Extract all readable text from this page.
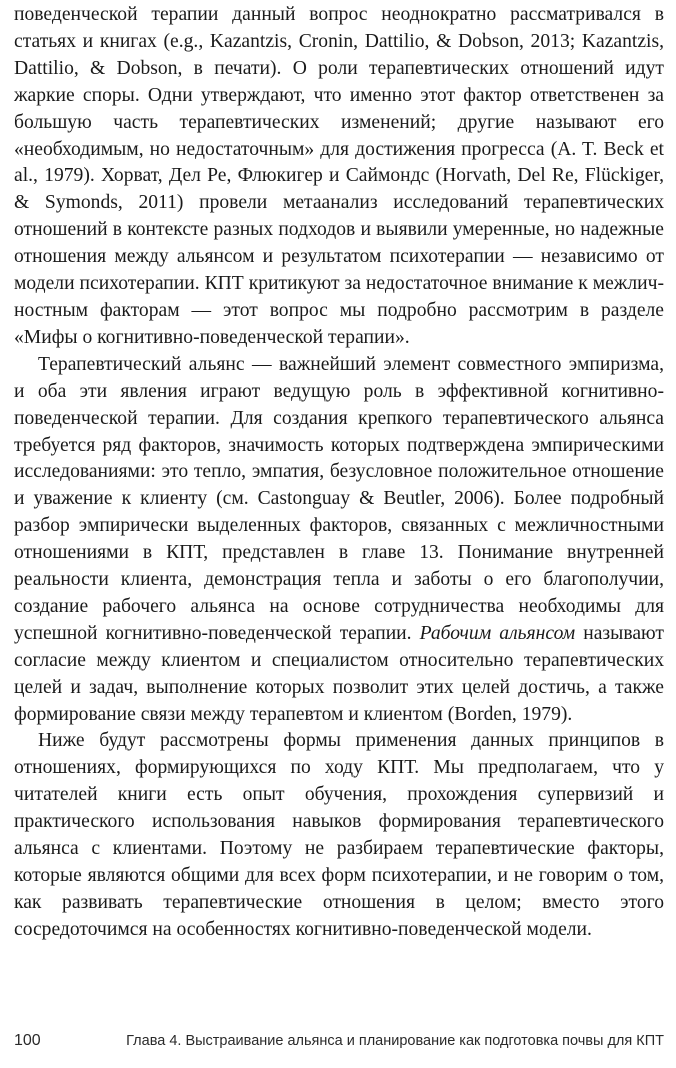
поведенческой терапии данный вопрос неоднократно рассматривался в статьях и книгах (e.g., Kazantzis, Cronin, Dattilio, & Dobson, 2013; Kazantzis, Dattilio, & Dobson, в печати). О роли терапевтических отношений идут жаркие споры. Одни утверждают, что именно этот фактор ответственен за большую часть терапевтических изменений; другие называют его «необходимым, но недостаточным» для достижения прогресса (A. T. Beck et al., 1979). Хорват, Дел Ре, Флюкигер и Саймондс (Horvath, Del Re, Flückiger, & Symonds, 2011) провели метаанализ исследований терапевтических отношений в контексте разных подходов и выявили умеренные, но надежные отношения между альянсом и результатом психотерапии — независимо от модели психотерапии. КПТ критикуют за недостаточное внимание к межличностным факторам — этот вопрос мы подробно рассмотрим в разделе «Мифы о когнитивно-поведенческой терапии».

Терапевтический альянс — важнейший элемент совместного эмпиризма, и оба эти явления играют ведущую роль в эффективной когнитивно-поведенческой терапии. Для создания крепкого терапевтического альянса требуется ряд факторов, значимость которых подтверждена эмпирическими исследованиями: это тепло, эмпатия, безусловное положительное отношение и уважение к клиенту (см. Castonguay & Beutler, 2006). Более подробный разбор эмпирически выделенных факторов, связанных с межличностными отношениями в КПТ, представлен в главе 13. Понимание внутренней реальности клиента, демонстрация тепла и заботы о его благополучии, создание рабочего альянса на основе сотрудничества необходимы для успешной когнитивно-поведенческой терапии. Рабочим альянсом называют согласие между клиентом и специалистом относительно терапевтических целей и задач, выполнение которых позволит этих целей достичь, а также формирование связи между терапевтом и клиентом (Borden, 1979).

Ниже будут рассмотрены формы применения данных принципов в отношениях, формирующихся по ходу КПТ. Мы предполагаем, что у читателей книги есть опыт обучения, прохождения супервизий и практического использования навыков формирования терапевтического альянса с клиентами. Поэтому не разбираем терапевтические факторы, которые являются общими для всех форм психотерапии, и не говорим о том, как развивать терапевтические отношения в целом; вместо этого сосредоточимся на особенностях когнитивно-поведенческой модели.

100	Глава 4. Выстраивание альянса и планирование как подготовка почвы для КПТ
